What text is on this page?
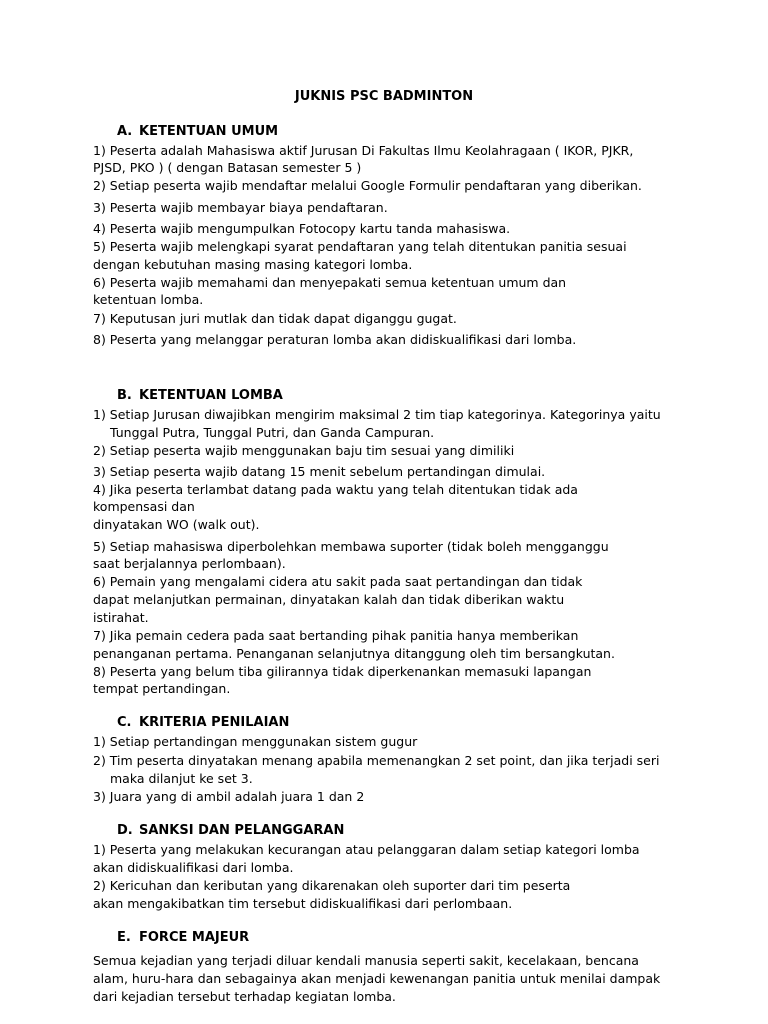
JUKNIS PSC BADMINTON
A. KETENTUAN UMUM
1) Peserta adalah Mahasiswa aktif Jurusan Di Fakultas Ilmu Keolahragaan ( IKOR, PJKR,
PJSD, PKO ) ( dengan Batasan semester 5 )
2) Setiap peserta wajib mendaftar melalui Google Formulir pendaftaran yang diberikan.
3) Peserta wajib membayar biaya pendaftaran.
4) Peserta wajib mengumpulkan Fotocopy kartu tanda mahasiswa.
5) Peserta wajib melengkapi syarat pendaftaran yang telah ditentukan panitia sesuai
dengan kebutuhan masing masing kategori lomba.
6) Peserta wajib memahami dan menyepakati semua ketentuan umum dan
ketentuan lomba.
7) Keputusan juri mutlak dan tidak dapat diganggu gugat.
8) Peserta yang melanggar peraturan lomba akan didiskualifikasi dari lomba.
B. KETENTUAN LOMBA
1) Setiap Jurusan diwajibkan mengirim maksimal 2 tim tiap kategorinya. Kategorinya yaitu
Tunggal Putra, Tunggal Putri, dan Ganda Campuran.
2) Setiap peserta wajib menggunakan baju tim sesuai yang dimiliki
3) Setiap peserta wajib datang 15 menit sebelum pertandingan dimulai.
4) Jika peserta terlambat datang pada waktu yang telah ditentukan tidak ada
kompensasi dan
dinyatakan WO (walk out).
5) Setiap mahasiswa diperbolehkan membawa suporter (tidak boleh mengganggu
saat berjalannya perlombaan).
6) Pemain yang mengalami cidera atu sakit pada saat pertandingan dan tidak
dapat melanjutkan permainan, dinyatakan kalah dan tidak diberikan waktu
istirahat.
7) Jika pemain cedera pada saat bertanding pihak panitia hanya memberikan
penanganan pertama. Penanganan selanjutnya ditanggung oleh tim bersangkutan.
8) Peserta yang belum tiba gilirannya tidak diperkenankan memasuki lapangan
tempat pertandingan.
C. KRITERIA PENILAIAN
1) Setiap pertandingan menggunakan sistem gugur
2) Tim peserta dinyatakan menang apabila memenangkan 2 set point, dan jika terjadi seri
maka dilanjut ke set 3.
3) Juara yang di ambil adalah juara 1 dan 2
D. SANKSI DAN PELANGGARAN
1) Peserta yang melakukan kecurangan atau pelanggaran dalam setiap kategori lomba
akan didiskualifikasi dari lomba.
2) Kericuhan dan keributan yang dikarenakan oleh suporter dari tim peserta
akan mengakibatkan tim tersebut didiskualifikasi dari perlombaan.
E. FORCE MAJEUR
Semua kejadian yang terjadi diluar kendali manusia seperti sakit, kecelakaan, bencana
alam, huru-hara dan sebagainya akan menjadi kewenangan panitia untuk menilai dampak
dari kejadian tersebut terhadap kegiatan lomba.
